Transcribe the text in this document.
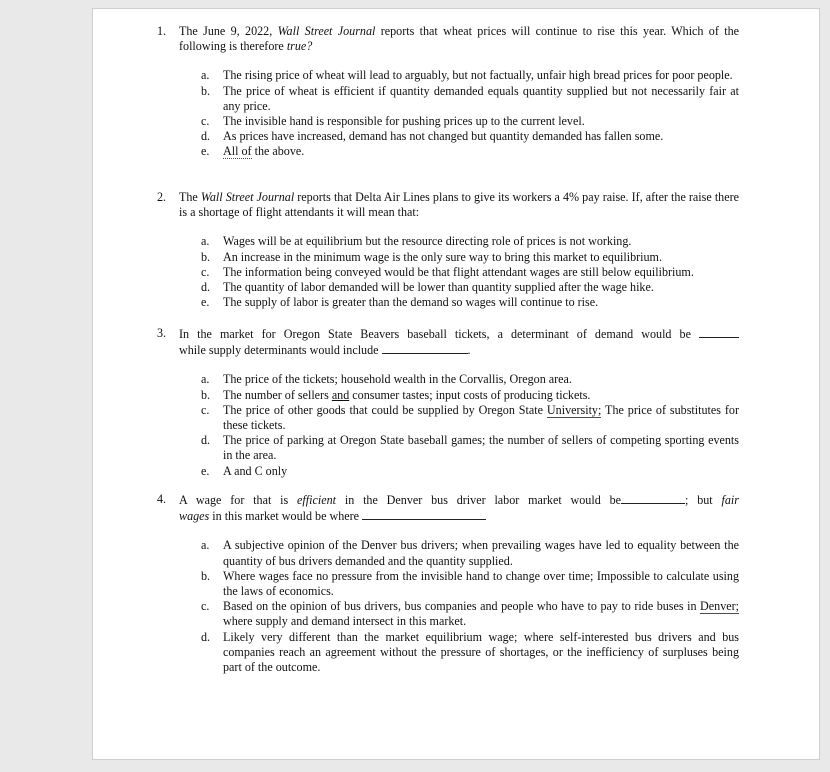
1. The June 9, 2022, Wall Street Journal reports that wheat prices will continue to rise this year. Which of the following is therefore true?
a. The rising price of wheat will lead to arguably, but not factually, unfair high bread prices for poor people.
b. The price of wheat is efficient if quantity demanded equals quantity supplied but not necessarily fair at any price.
c. The invisible hand is responsible for pushing prices up to the current level.
d. As prices have increased, demand has not changed but quantity demanded has fallen some.
e. All of the above.
2. The Wall Street Journal reports that Delta Air Lines plans to give its workers a 4% pay raise. If, after the raise there is a shortage of flight attendants it will mean that:
a. Wages will be at equilibrium but the resource directing role of prices is not working.
b. An increase in the minimum wage is the only sure way to bring this market to equilibrium.
c. The information being conveyed would be that flight attendant wages are still below equilibrium.
d. The quantity of labor demanded will be lower than quantity supplied after the wage hike.
e. The supply of labor is greater than the demand so wages will continue to rise.
3. In the market for Oregon State Beavers baseball tickets, a determinant of demand would be
while supply determinants would include	.
a. The price of the tickets; household wealth in the Corvallis, Oregon area.
b. The number of sellers and consumer tastes; input costs of producing tickets.
c. The price of other goods that could be supplied by Oregon State University; The price of substitutes for these tickets.
d. The price of parking at Oregon State baseball games; the number of sellers of competing sporting events in the area.
e. A and C only
4. A wage for that is efficient in the Denver bus driver labor market would be	; but fair
wages in this market would be where
a. A subjective opinion of the Denver bus drivers; when prevailing wages have led to equality between the quantity of bus drivers demanded and the quantity supplied.
b. Where wages face no pressure from the invisible hand to change over time; Impossible to calculate using the laws of economics.
c. Based on the opinion of bus drivers, bus companies and people who have to pay to ride buses in Denver; where supply and demand intersect in this market.
d. Likely very different than the market equilibrium wage; where self-interested bus drivers and bus companies reach an agreement without the pressure of shortages, or the inefficiency of surpluses being part of the outcome.
